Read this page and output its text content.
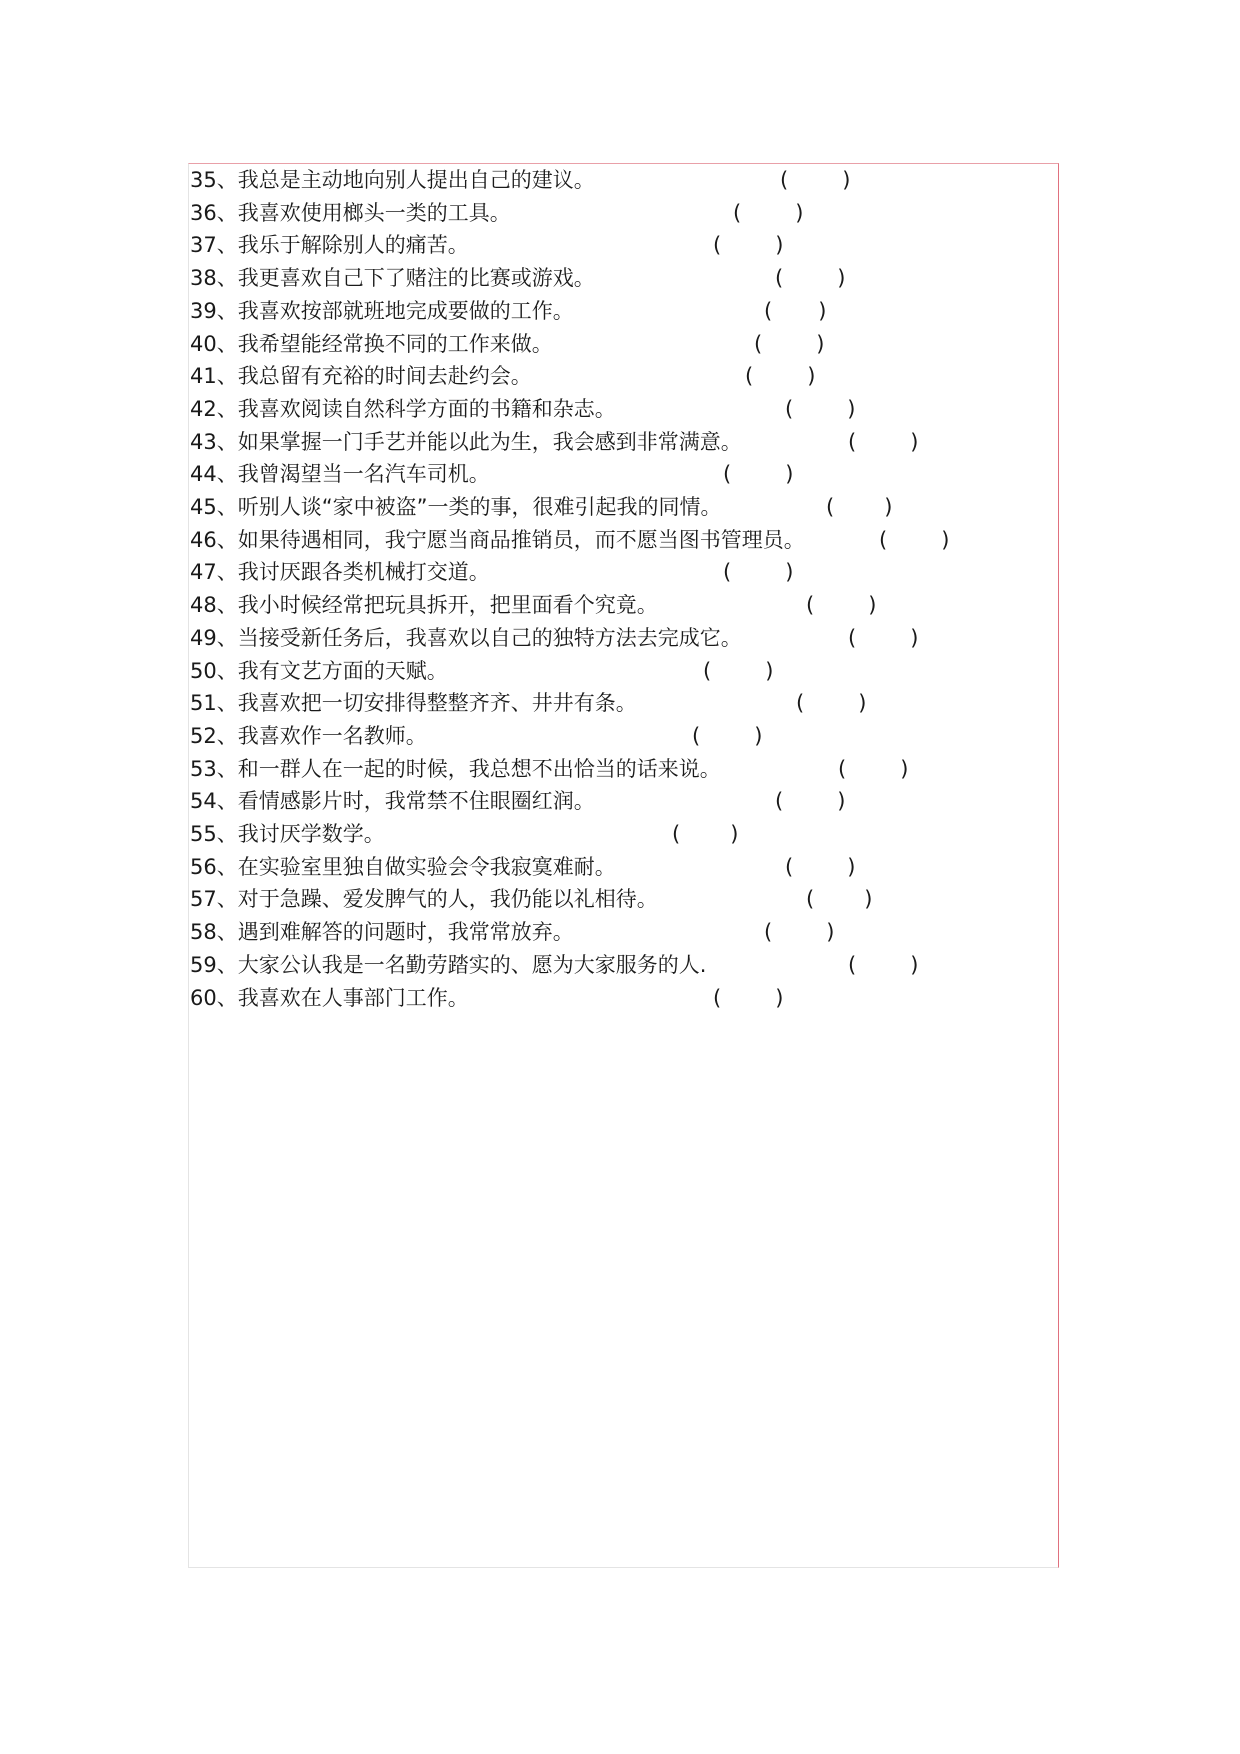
35、我总是主动地向别人提出自己的建议。	(	)
36、我喜欢使用榔头一类的工具。	(	)
37、我乐于解除别人的痛苦。	(	)
38、我更喜欢自己下了赌注的比赛或游戏。	(	)
39、我喜欢按部就班地完成要做的工作。	( )
40、我希望能经常换不同的工作来做。	(	)
41、我总留有充裕的时间去赴约会。	(	)
42、我喜欢阅读自然科学方面的书籍和杂志。	(	)
43、如果掌握一门手艺并能以此为生，我会感到非常满意。	(	)
44、我曾渴望当一名汽车司机。	(	)
45、听别人谈“家中被盗”一类的事，很难引起我的同情。	( )
46、如果待遇相同，我宁愿当商品推销员，而不愿当图书管理员。	(	)
47、我讨厌跟各类机械打交道。	(	)
48、我小时候经常把玩具拆开，把里面看个究竟。	(	)
49、当接受新任务后，我喜欢以自己的独特方法去完成它。	(	)
50、我有文艺方面的天赋。	(	)
51、我喜欢把一切安排得整整齐齐、井井有条。	(	)
52、我喜欢作一名教师。	(	)
53、和一群人在一起的时候，我总想不出恰当的话来说。	(	)
54、看情感影片时，我常禁不住眼圈红润。	(	)
55、我讨厌学数学。	( )
56、在实验室里独自做实验会令我寂寞难耐。	(	)
57、对于急躁、爱发脾气的人，我仍能以礼相待。	( )
58、遇到难解答的问题时，我常常放弃。	(	)
59、大家公认我是一名勤劳踏实的、愿为大家服务的人.	(	)
60、我喜欢在人事部门工作。	(	)
